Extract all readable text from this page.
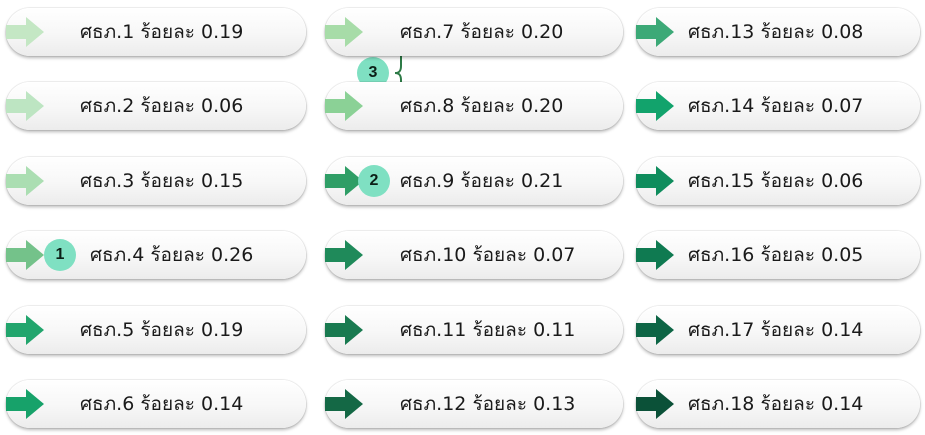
3
ศธภ.1 ร้อยละ 0.19
ศธภ.2 ร้อยละ 0.06
ศธภ.3 ร้อยละ 0.15
1	ศธภ.4 ร้อยละ 0.26
ศธภ.5 ร้อยละ 0.19
ศธภ.6 ร้อยละ 0.14
ศธภ.7 ร้อยละ 0.20
ศธภ.8 ร้อยละ 0.20
2	ศธภ.9 ร้อยละ 0.21
ศธภ.10 ร้อยละ 0.07
ศธภ.11 ร้อยละ 0.11
ศธภ.12 ร้อยละ 0.13
ศธภ.13 ร้อยละ 0.08
ศธภ.14 ร้อยละ 0.07
ศธภ.15 ร้อยละ 0.06
ศธภ.16 ร้อยละ 0.05
ศธภ.17 ร้อยละ 0.14
ศธภ.18 ร้อยละ 0.14
